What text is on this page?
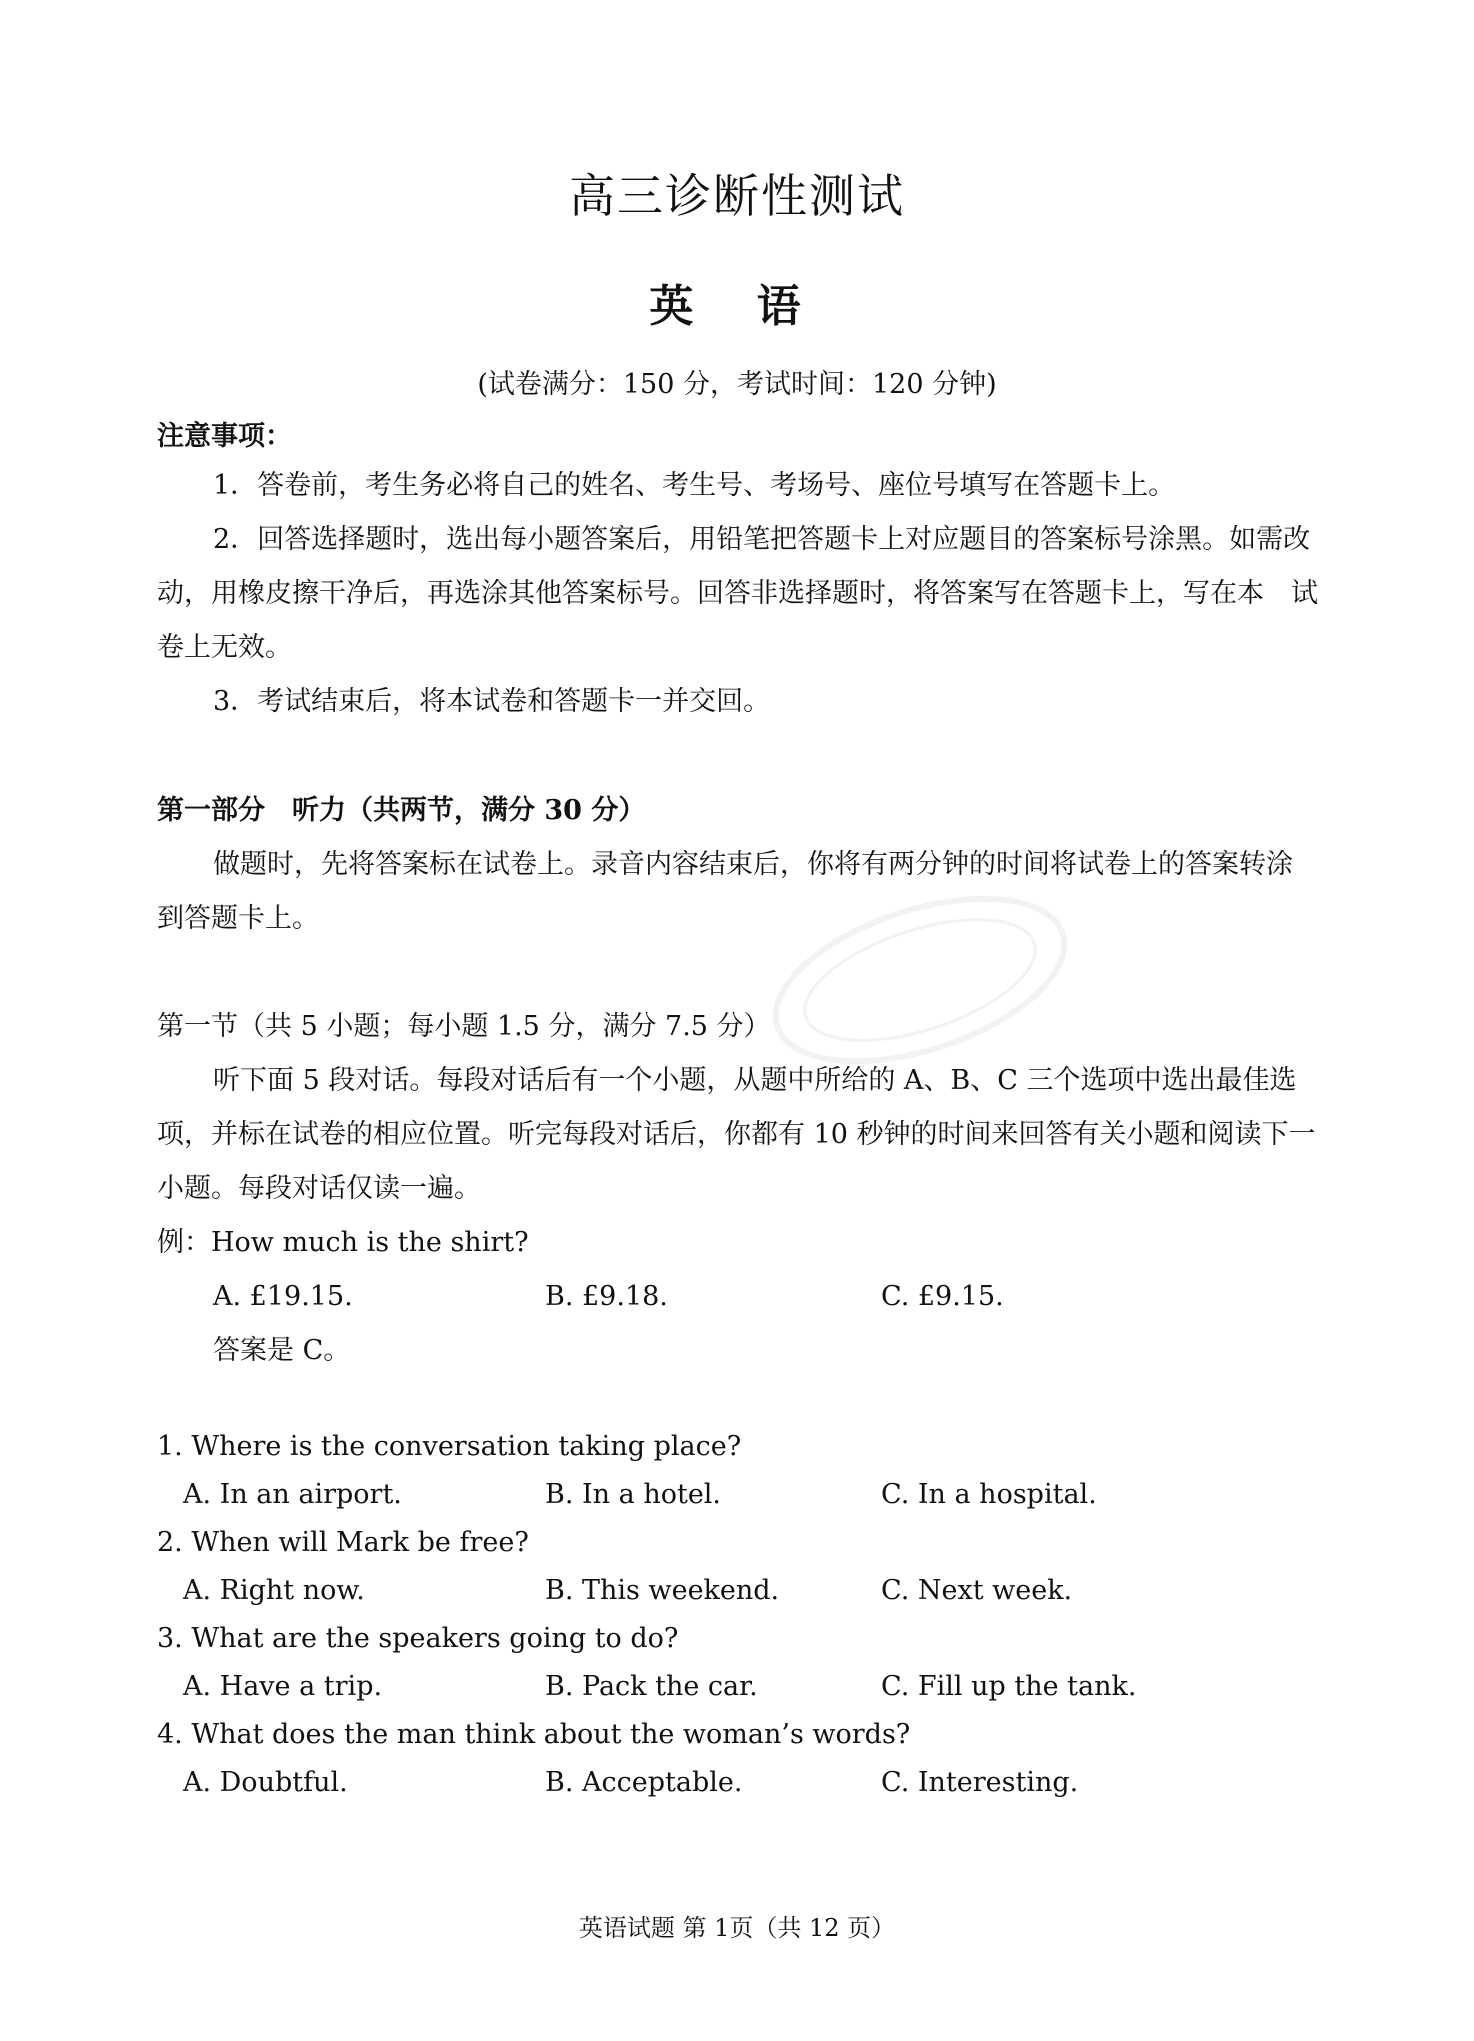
高三诊断性测试
英 语
(试卷满分：150 分，考试时间：120 分钟)
注意事项：

1．答卷前，考生务必将自己的姓名、考生号、考场号、座位号填写在答题卡上。

2．回答选择题时，选出每小题答案后，用铅笔把答题卡上对应题目的答案标号涂黑。如需改动，用橡皮擦干净后，再选涂其他答案标号。回答非选择题时，将答案写在答题卡上，写在本　试卷上无效。

3．考试结束后，将本试卷和答题卡一并交回。

第一部分　听力（共两节，满分 30 分）

做题时，先将答案标在试卷上。录音内容结束后，你将有两分钟的时间将试卷上的答案转涂　到答题卡上。

第一节（共 5 小题；每小题 1.5 分，满分 7.5 分）

听下面 5 段对话。每段对话后有一个小题，从题中所给的 A、B、C 三个选项中选出最佳选项，并标在试卷的相应位置。听完每段对话后，你都有 10 秒钟的时间来回答有关小题和阅读下一小题。每段对话仅读一遍。

例：How much is the shirt?
A. £19.15.	B. £9.18.	C. £9.15.
答案是 C。
1. Where is the conversation taking place?
A. In an airport.	B. In a hotel.	C. In a hospital.
2. When will Mark be free?
A. Right now.	B. This weekend.	C. Next week.
3. What are the speakers going to do?
A. Have a trip.	B. Pack the car.	C. Fill up the tank.
4. What does the man think about the woman’s words?
A. Doubtful.	B. Acceptable.	C. Interesting.
英语试题 第 1页（共 12 页）
